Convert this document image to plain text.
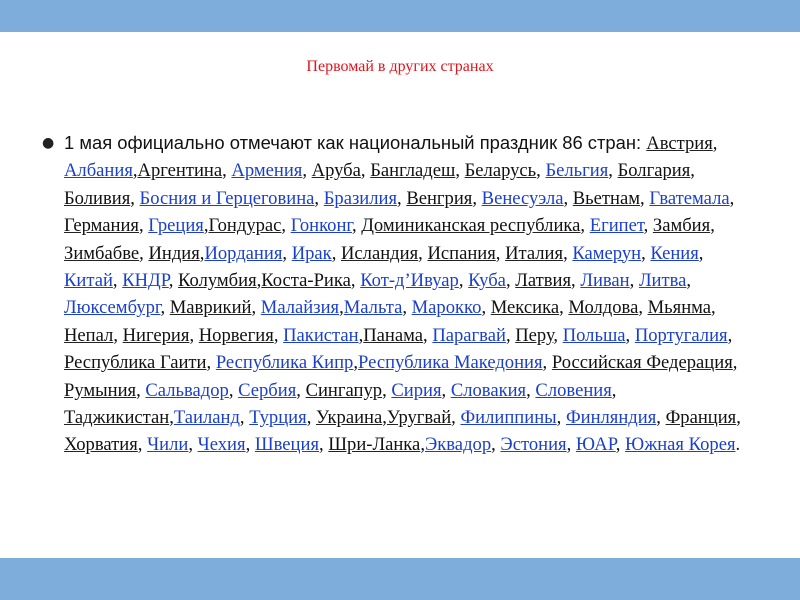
Первомай в других странах
● 1 мая официально отмечают как национальный праздник 86 стран: Австрия, Албания,Аргентина, Армения, Аруба, Бангладеш, Беларусь, Бельгия, Болгария, Боливия, Босния и Герцеговина, Бразилия, Венгрия, Венесуэла, Вьетнам, Гватемала, Германия, Греция,Гондурас, Гонконг, Доминиканская республика, Египет, Замбия, Зимбабве, Индия,Иордания, Ирак, Исландия, Испания, Италия, Камерун, Кения, Китай, КНДР, Колумбия,Коста-Рика, Кот-д’Ивуар, Куба, Латвия, Ливан, Литва, Люксембург, Маврикий, Малайзия,Мальта, Марокко, Мексика, Молдова, Мьянма, Непал, Нигерия, Норвегия, Пакистан,Панама, Парагвай, Перу, Польша, Португалия, Республика Гаити, Республика Кипр,Республика Македония, Российская Федерация, Румыния, Сальвадор, Сербия, Сингапур, Сирия, Словакия, Словения, Таджикистан,Таиланд, Турция, Украина,Уругвай, Филиппины, Финляндия, Франция, Хорватия, Чили, Чехия, Швеция, Шри-Ланка,Эквадор, Эстония, ЮАР, Южная Корея.
